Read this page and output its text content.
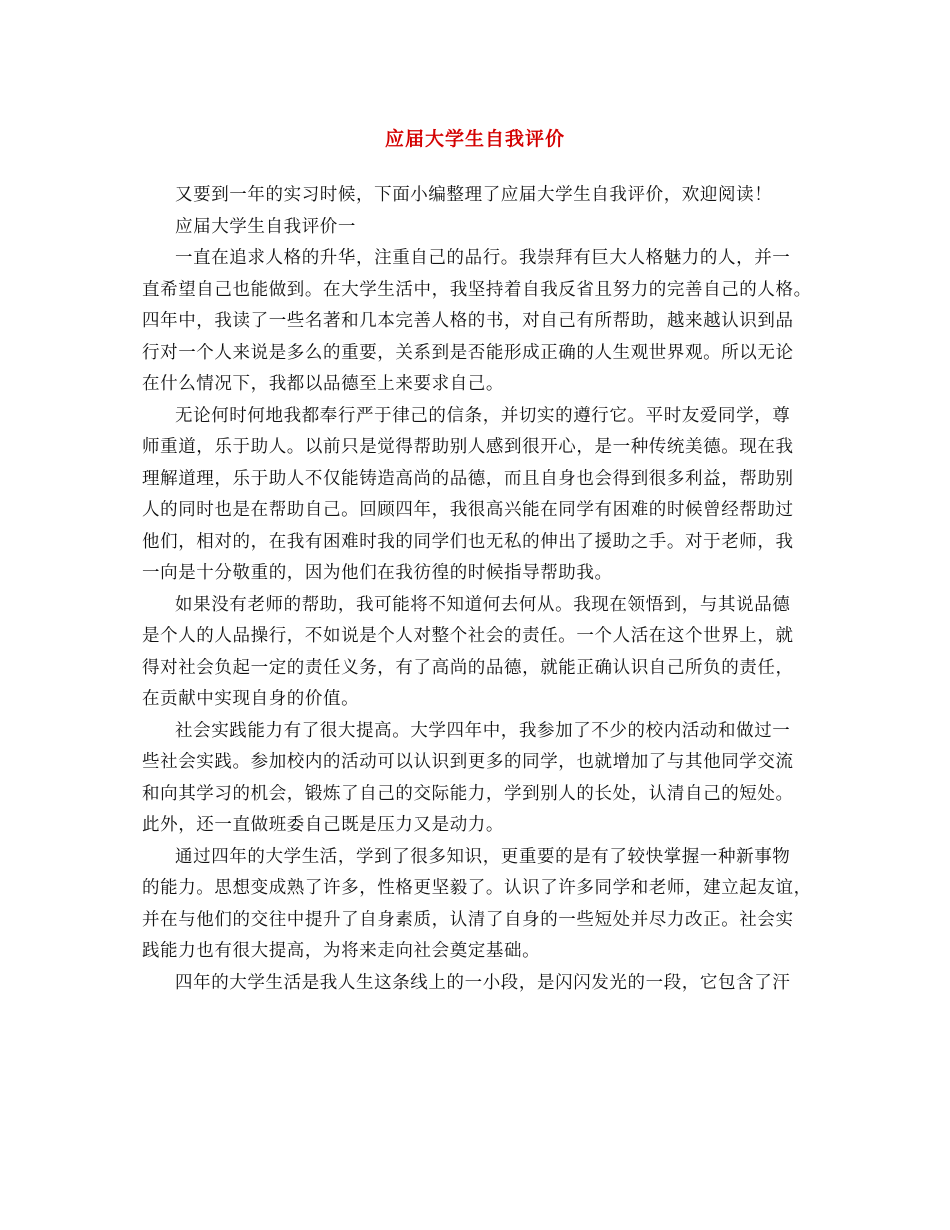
应届大学生自我评价
又要到一年的实习时候，下面小编整理了应届大学生自我评价，欢迎阅读！
应届大学生自我评价一
一直在追求人格的升华，注重自己的品行。我崇拜有巨大人格魅力的人，并一
直希望自己也能做到。在大学生活中，我坚持着自我反省且努力的完善自己的人格。
四年中，我读了一些名著和几本完善人格的书，对自己有所帮助，越来越认识到品
行对一个人来说是多么的重要，关系到是否能形成正确的人生观世界观。所以无论
在什么情况下，我都以品德至上来要求自己。
无论何时何地我都奉行严于律己的信条，并切实的遵行它。平时友爱同学，尊
师重道，乐于助人。以前只是觉得帮助别人感到很开心，是一种传统美德。现在我
理解道理，乐于助人不仅能铸造高尚的品德，而且自身也会得到很多利益，帮助别
人的同时也是在帮助自己。回顾四年，我很高兴能在同学有困难的时候曾经帮助过
他们，相对的，在我有困难时我的同学们也无私的伸出了援助之手。对于老师，我
一向是十分敬重的，因为他们在我彷徨的时候指导帮助我。
如果没有老师的帮助，我可能将不知道何去何从。我现在领悟到，与其说品德
是个人的人品操行，不如说是个人对整个社会的责任。一个人活在这个世界上，就
得对社会负起一定的责任义务，有了高尚的品德，就能正确认识自己所负的责任，
在贡献中实现自身的价值。
社会实践能力有了很大提高。大学四年中，我参加了不少的校内活动和做过一
些社会实践。参加校内的活动可以认识到更多的同学，也就增加了与其他同学交流
和向其学习的机会，锻炼了自己的交际能力，学到别人的长处，认清自己的短处。
此外，还一直做班委自己既是压力又是动力。
通过四年的大学生活，学到了很多知识，更重要的是有了较快掌握一种新事物
的能力。思想变成熟了许多，性格更坚毅了。认识了许多同学和老师，建立起友谊，
并在与他们的交往中提升了自身素质，认清了自身的一些短处并尽力改正。社会实
践能力也有很大提高，为将来走向社会奠定基础。
四年的大学生活是我人生这条线上的一小段，是闪闪发光的一段，它包含了汗
